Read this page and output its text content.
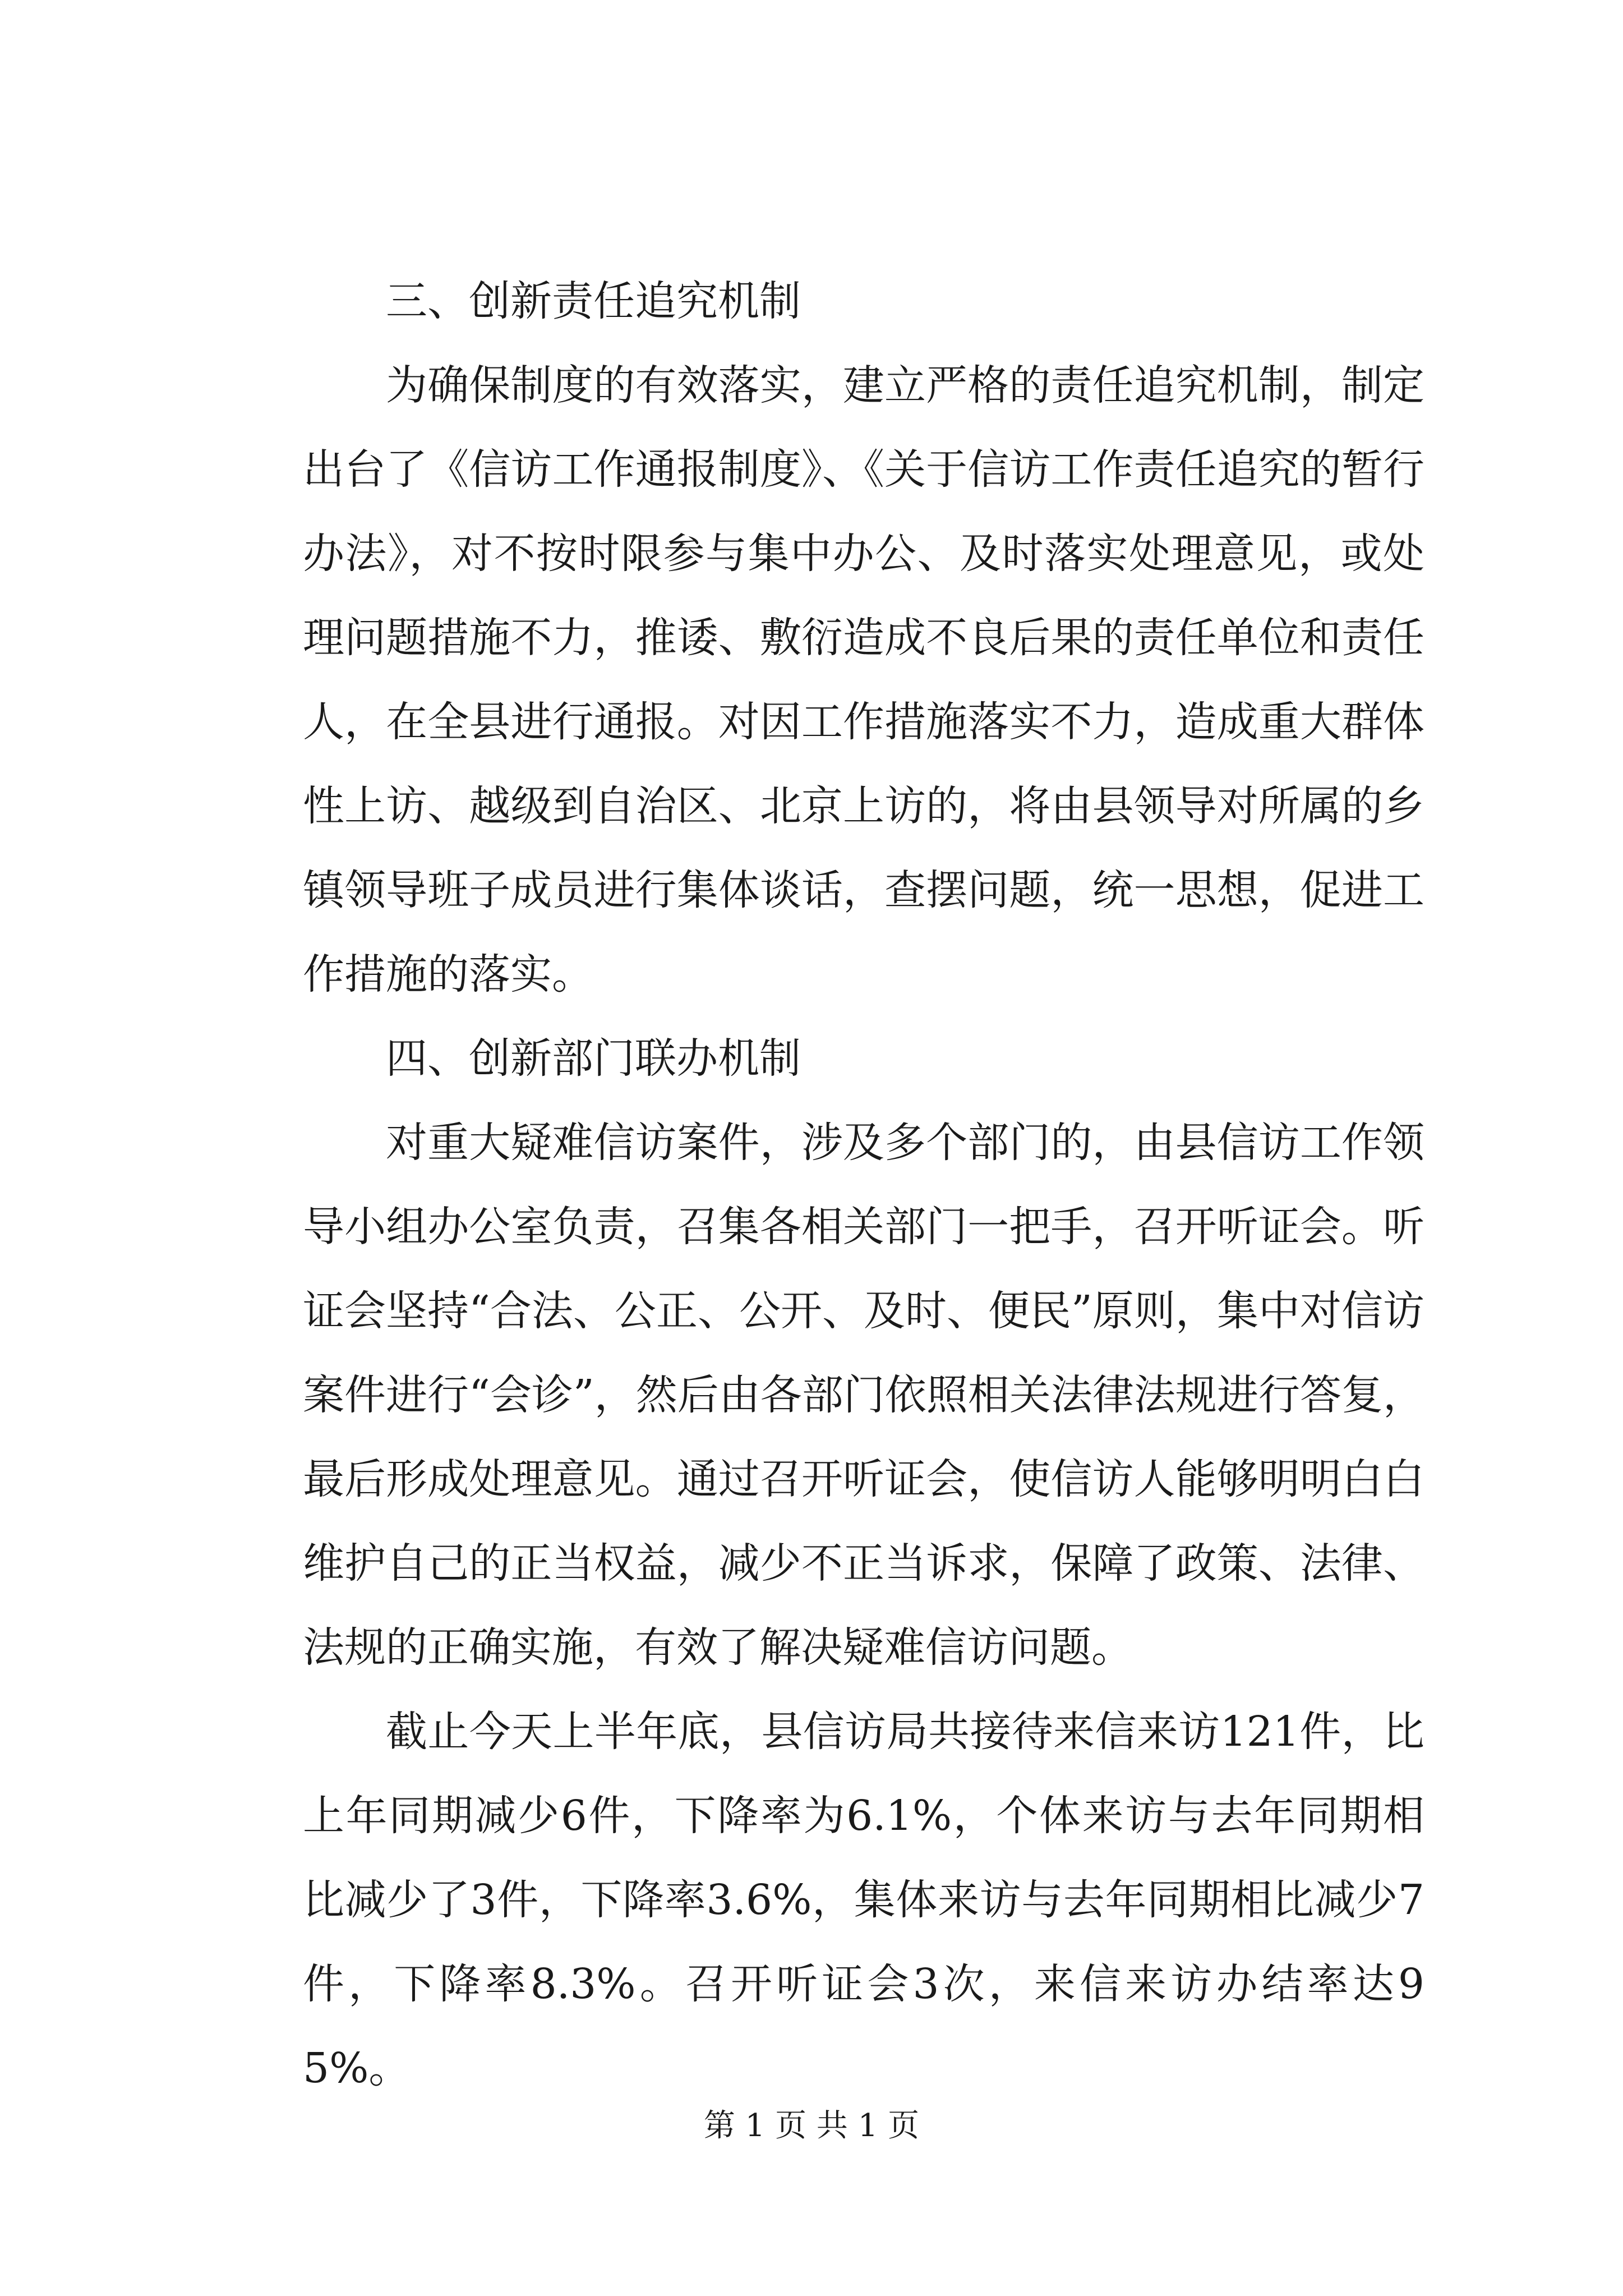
三、创新责任追究机制

为确保制度的有效落实，建立严格的责任追究机制，制定出台了《信访工作通报制度》、《关于信访工作责任追究的暂行办法》，对不按时限参与集中办公、及时落实处理意见，或处理问题措施不力，推诿、敷衍造成不良后果的责任单位和责任人，在全县进行通报。对因工作措施落实不力，造成重大群体性上访、越级到自治区、北京上访的，将由县领导对所属的乡镇领导班子成员进行集体谈话，查摆问题，统一思想，促进工作措施的落实。

四、创新部门联办机制

对重大疑难信访案件，涉及多个部门的，由县信访工作领导小组办公室负责，召集各相关部门一把手，召开听证会。听证会坚持“合法、公正、公开、及时、便民”原则，集中对信访案件进行“会诊”，然后由各部门依照相关法律法规进行答复，最后形成处理意见。通过召开听证会，使信访人能够明明白白维护自己的正当权益，减少不正当诉求，保障了政策、法律、法规的正确实施，有效了解决疑难信访问题。

截止今天上半年底，县信访局共接待来信来访121件，比上年同期减少6件，下降率为6.1%，个体来访与去年同期相比减少了3件，下降率3.6%，集体来访与去年同期相比减少7件，下降率8.3%。召开听证会3次，来信来访办结率达95%。

第 1 页 共 1 页
